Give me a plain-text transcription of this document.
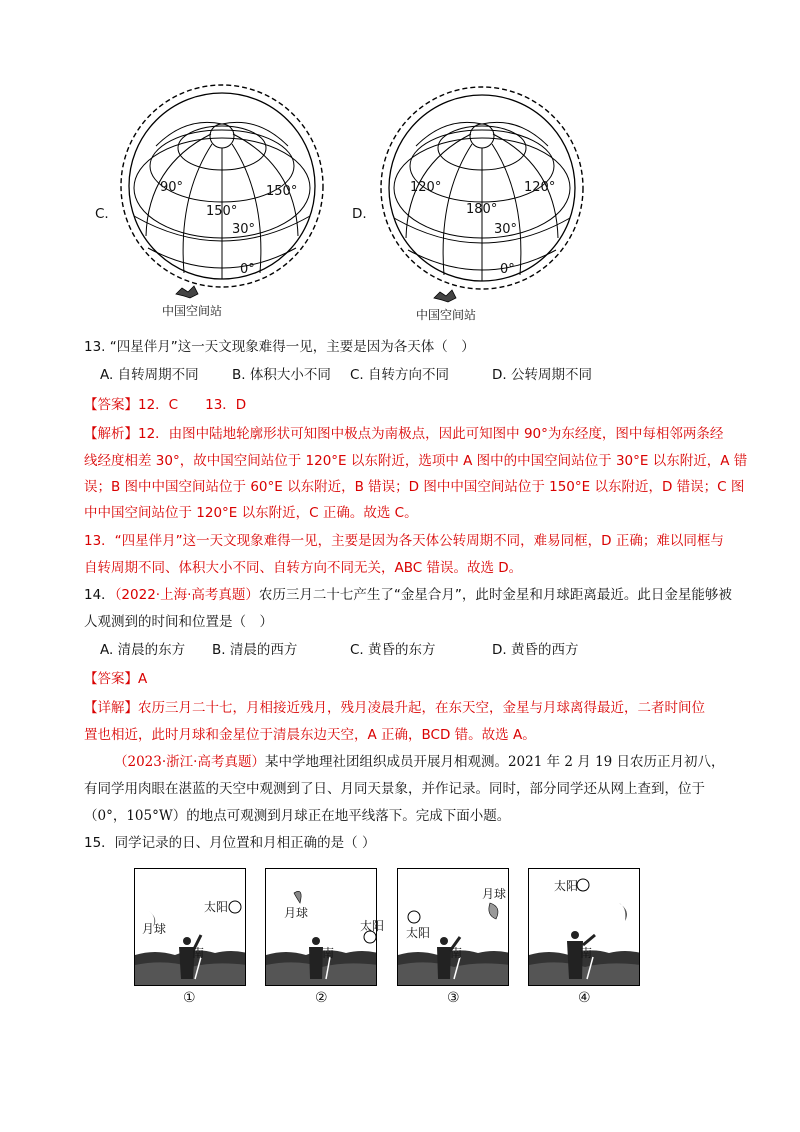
C.
90°	150°
150°
30°
0°
中国空间站
D.
120°	120°
180°
30°
0°
中国空间站
13. “四星伴月”这一天文现象难得一见，主要是因为各天体（　）
A. 自转周期不同 B. 体积大小不同 C. 自转方向不同	D. 公转周期不同
【答案】12．C　　13．D
【解析】12．由图中陆地轮廓形状可知图中极点为南极点，因此可知图中 90°为东经度，图中每相邻两条经
线经度相差 30°，故中国空间站位于 120°E 以东附近，选项中 A 图中的中国空间站位于 30°E 以东附近，A 错
误；B 图中中国空间站位于 60°E 以东附近，B 错误；D 图中中国空间站位于 150°E 以东附近，D 错误；C 图
中中国空间站位于 120°E 以东附近，C 正确。故选 C。
13．“四星伴月”这一天文现象难得一见，主要是因为各天体公转周期不同，难易同框，D 正确；难以同框与
自转周期不同、体积大小不同、自转方向不同无关，ABC 错误。故选 D。
14．（2022·上海·高考真题）农历三月二十七产生了“金星合月”，此时金星和月球距离最近。此日金星能够被
人观测到的时间和位置是（　）
A. 清晨的东方 B. 清晨的西方	C. 黄昏的东方	D. 黄昏的西方
【答案】A
【详解】农历三月二十七，月相接近残月，残月凌晨升起，在东天空，金星与月球离得最近，二者时间位
置也相近，此时月球和金星位于清晨东边天空，A 正确，BCD 错。故选 A。
（2023·浙江·高考真题）某中学地理社团组织成员开展月相观测。2021 年 2 月 19 日农历正月初八，
有同学用肉眼在湛蓝的天空中观测到了日、月同天景象，并作记录。同时，部分同学还从网上查到，位于
（0°，105°W）的地点可观测到月球正在地平线落下。完成下面小题。
15．同学记录的日、月位置和月相正确的是（ ）
月球
太阳
南
①
月球
太阳
南
②
太阳
月球
南
③
太阳
南
④
